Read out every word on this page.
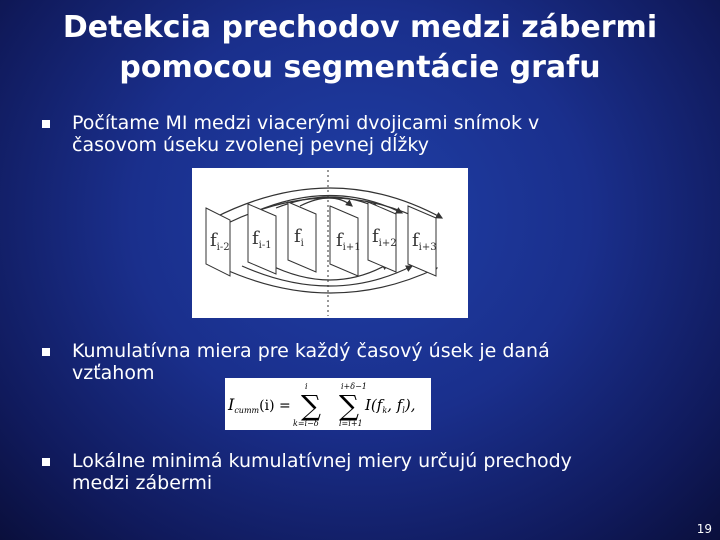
Detekcia prechodov medzi zábermi
pomocou segmentácie grafu
Počítame MI medzi viacerými dvojicami snímok v
časovom úseku zvolenej pevnej dĺžky
$f_{i-2}$ $f_{i-1}$ $f_i$ $f_{i+1}$
$f_{i+2}$ $f_{i+3}$
Kumulatívna miera pre každý časový úsek je daná
vzťahom
Icumm(i) =
i
∑
k=i−δ
i+δ−1
∑
l=i+1
$I(f_k$, $f_l$),
Lokálne minimá kumulatívnej miery určujú prechody
medzi zábermi
19
